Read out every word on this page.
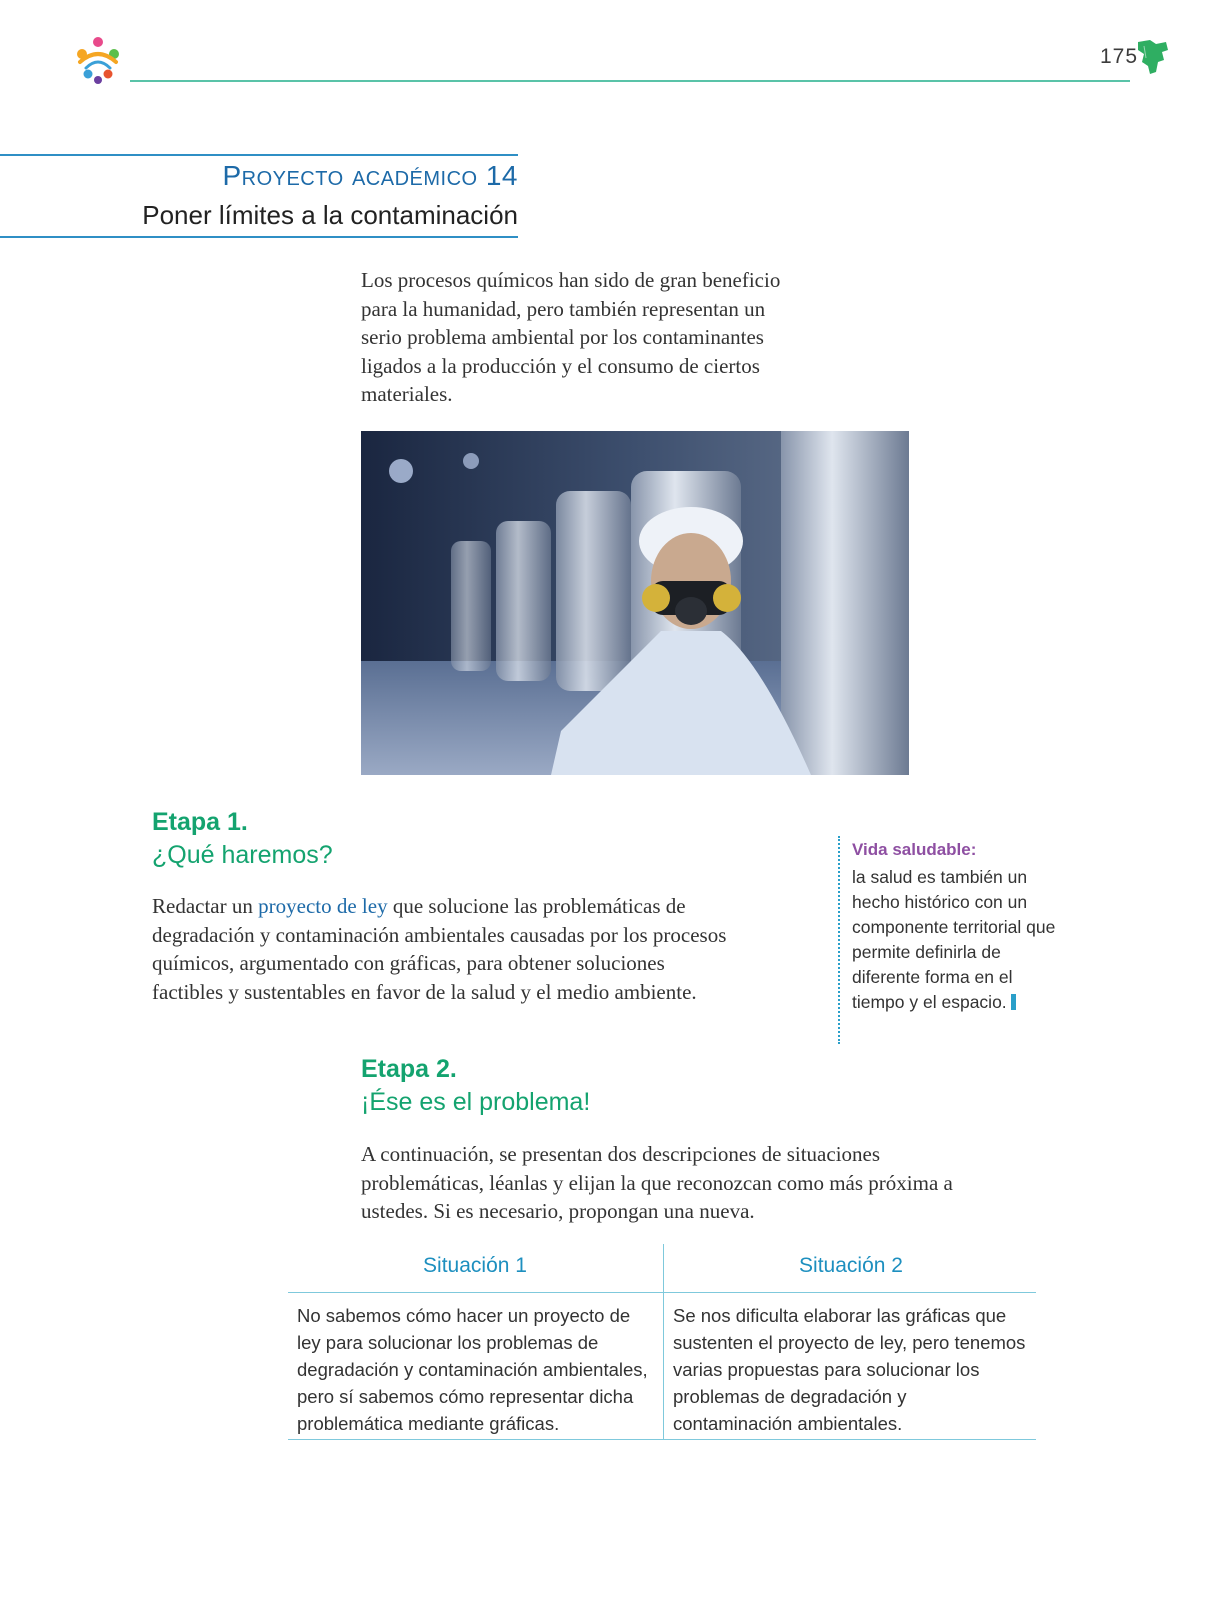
175
Proyecto académico 14
Poner límites a la contaminación
Los procesos químicos han sido de gran beneficio para la humanidad, pero también representan un serio problema ambiental por los contaminantes ligados a la producción y el consumo de ciertos materiales.
Etapa 1.
¿Qué haremos?
Redactar un proyecto de ley que solucione las problemáticas de degradación y contaminación ambientales causadas por los procesos químicos, argumentado con gráficas, para obtener soluciones factibles y sustentables en favor de la salud y el medio ambiente.
Vida saludable:
la salud es también un hecho histórico con un componente territorial que permite definirla de diferente forma en el tiempo y el espacio.
Etapa 2.
¡Ése es el problema!
A continuación, se presentan dos descripciones de situaciones problemáticas, léanlas y elijan la que reconozcan como más próxima a ustedes. Si es necesario, propongan una nueva.
Situación 1	Situación 2
No sabemos cómo hacer un proyecto de ley para solucionar los problemas de degradación y contaminación ambientales, pero sí sabemos cómo representar dicha problemática mediante gráficas.
Se nos dificulta elaborar las gráficas que sustenten el proyecto de ley, pero tenemos varias propuestas para solucionar los problemas de degradación y contaminación ambientales.
